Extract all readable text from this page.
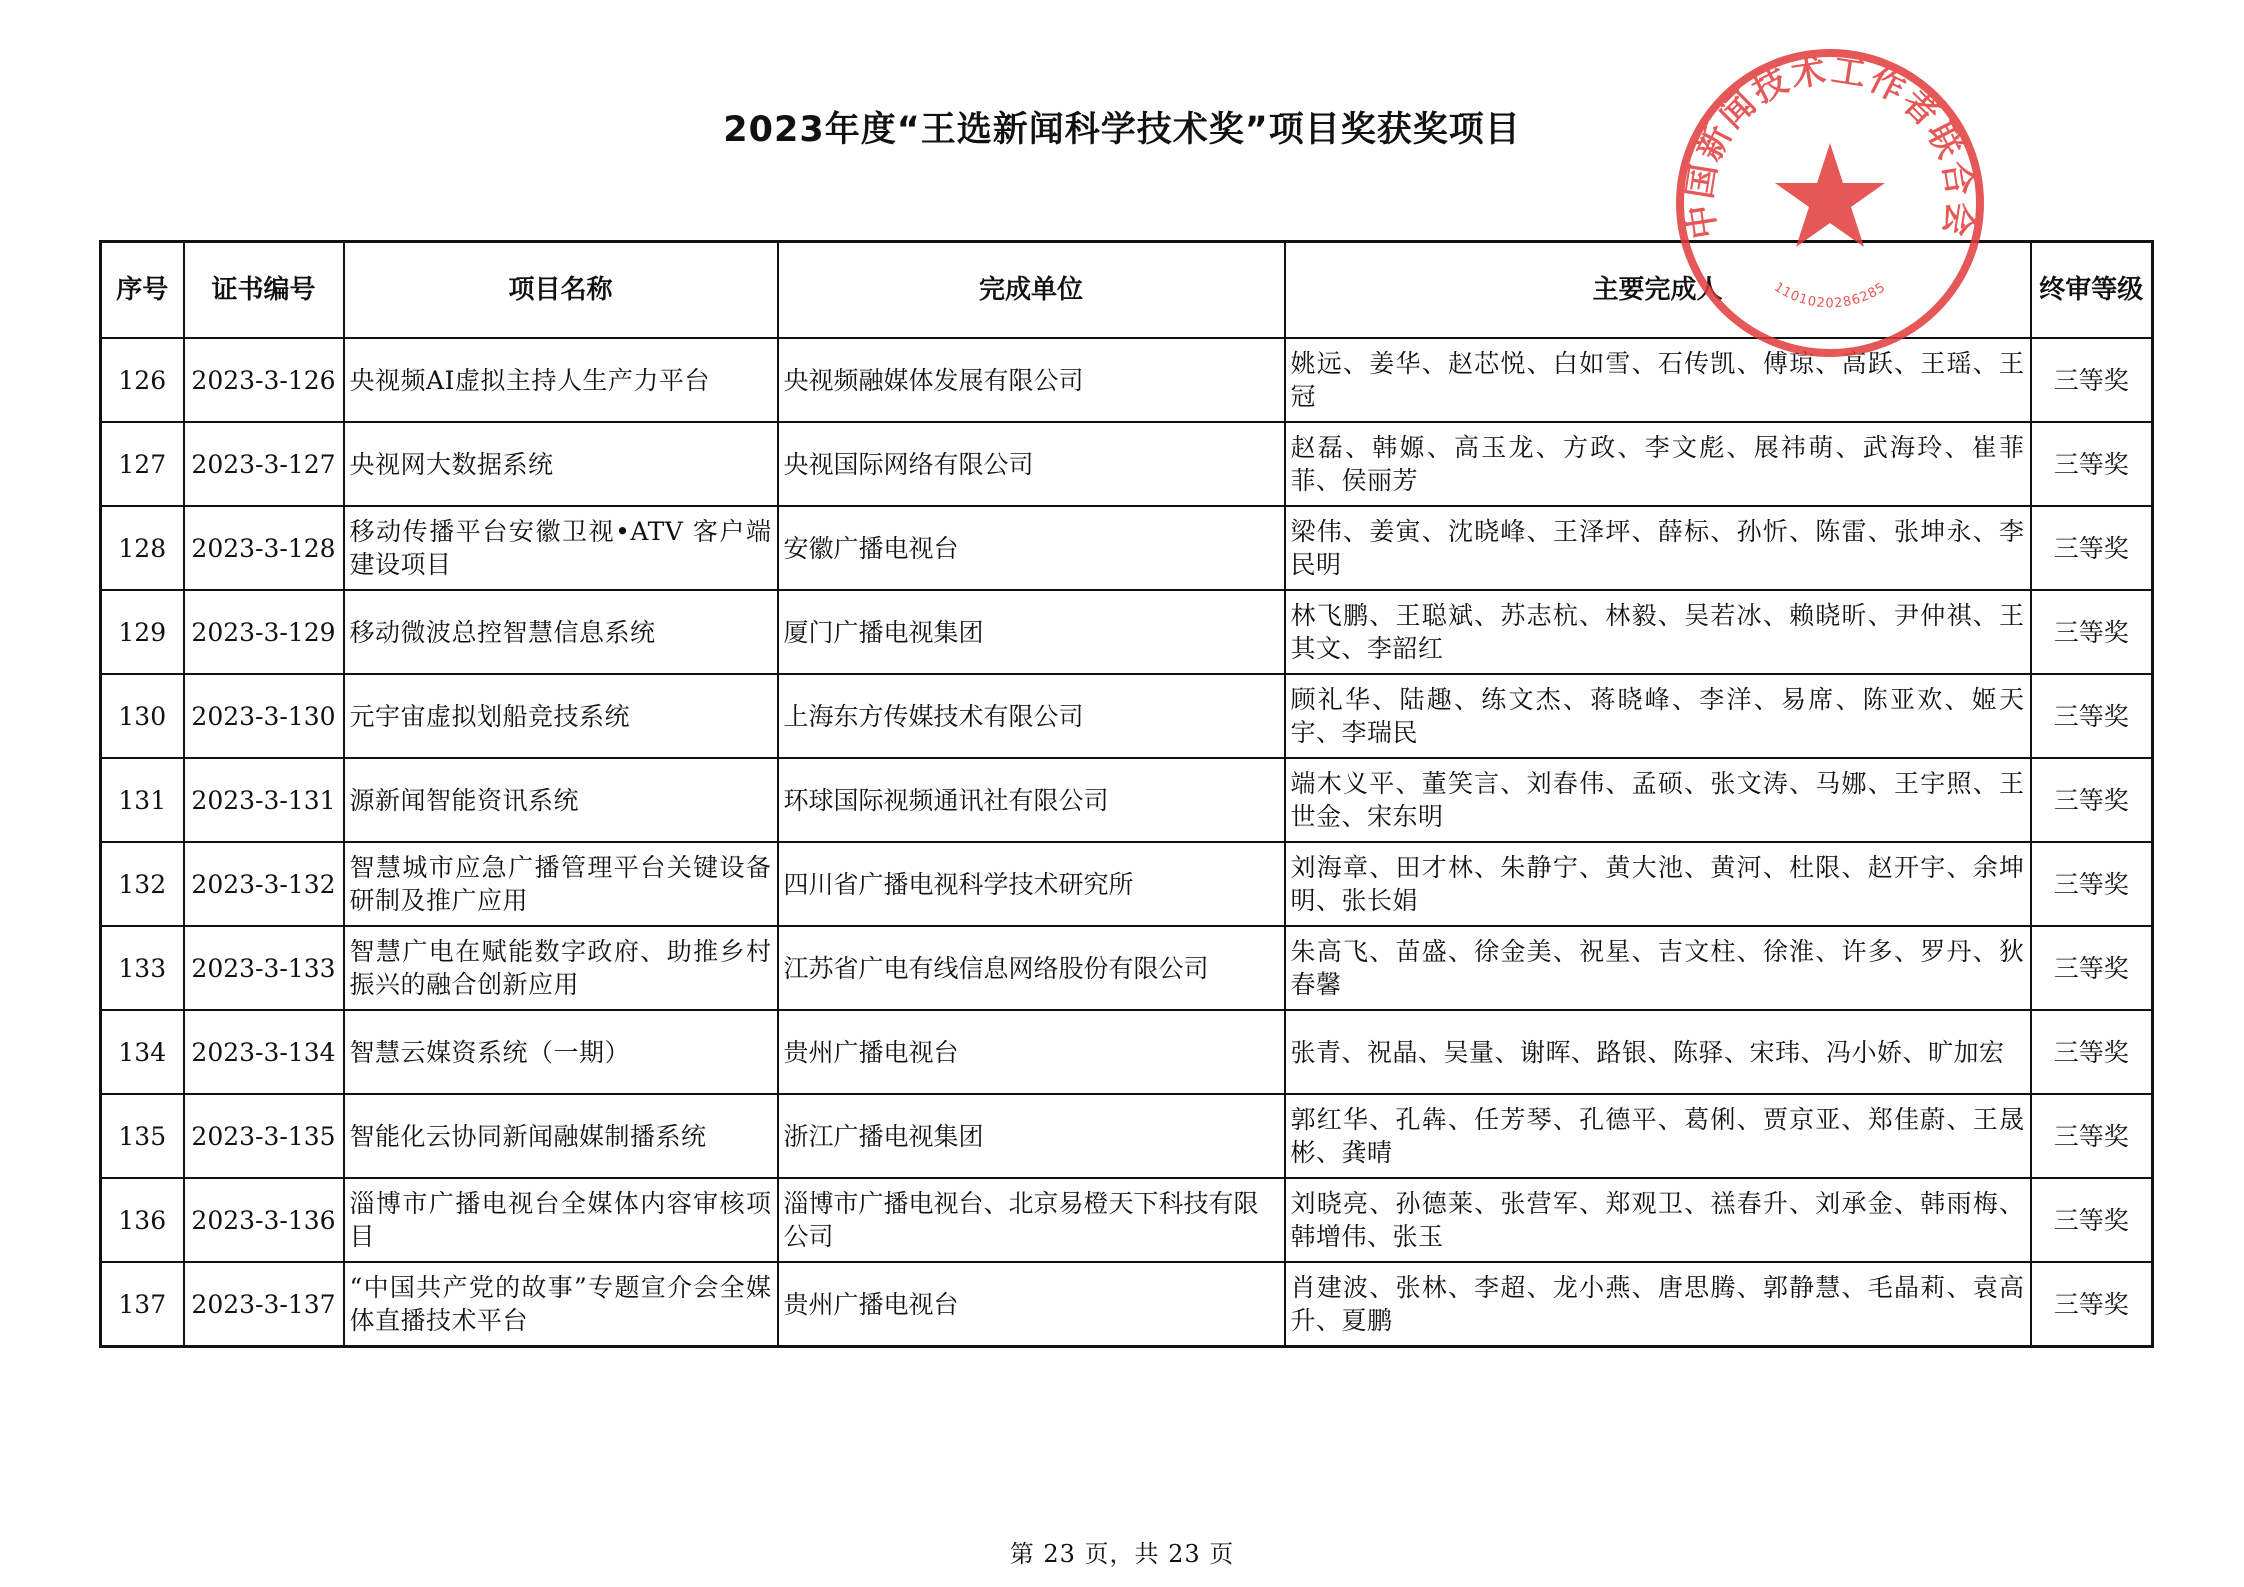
2023年度“王选新闻科学技术奖”项目奖获奖项目
序号	证书编号	项目名称	完成单位	主要完成人	终审等级
126	2023-3-126	央视频AI虚拟主持人生产力平台	央视频融媒体发展有限公司	姚远、姜华、赵芯悦、白如雪、石传凯、傅琼、高跃、王瑶、王冠	三等奖
127	2023-3-127	央视网大数据系统	央视国际网络有限公司	赵磊、韩嫄、高玉龙、方政、李文彪、展祎萌、武海玲、崔菲菲、侯丽芳	三等奖
128	2023-3-128	移动传播平台安徽卫视•ATV 客户端建设项目	安徽广播电视台	梁伟、姜寅、沈晓峰、王泽坪、薛标、孙忻、陈雷、张坤永、李民明	三等奖
129	2023-3-129	移动微波总控智慧信息系统	厦门广播电视集团	林飞鹏、王聪斌、苏志杭、林毅、吴若冰、赖晓昕、尹仲祺、王其文、李韶红	三等奖
130	2023-3-130	元宇宙虚拟划船竞技系统	上海东方传媒技术有限公司	顾礼华、陆趣、练文杰、蒋晓峰、李洋、易席、陈亚欢、姬天宇、李瑞民	三等奖
131	2023-3-131	源新闻智能资讯系统	环球国际视频通讯社有限公司	端木义平、董笑言、刘春伟、孟硕、张文涛、马娜、王宇照、王世金、宋东明	三等奖
132	2023-3-132	智慧城市应急广播管理平台关键设备研制及推广应用	四川省广播电视科学技术研究所	刘海章、田才林、朱静宁、黄大池、黄河、杜限、赵开宇、余坤明、张长娟	三等奖
133	2023-3-133	智慧广电在赋能数字政府、助推乡村振兴的融合创新应用	江苏省广电有线信息网络股份有限公司	朱高飞、苗盛、徐金美、祝星、吉文柱、徐淮、许多、罗丹、狄春馨	三等奖
134	2023-3-134	智慧云媒资系统（一期）	贵州广播电视台	张青、祝晶、吴量、谢晖、路银、陈驿、宋玮、冯小娇、旷加宏	三等奖
135	2023-3-135	智能化云协同新闻融媒制播系统	浙江广播电视集团	郭红华、孔犇、任芳琴、孔德平、葛俐、贾京亚、郑佳蔚、王晟彬、龚晴	三等奖
136	2023-3-136	淄博市广播电视台全媒体内容审核项目	淄博市广播电视台、北京易橙天下科技有限公司	刘晓亮、孙德莱、张营军、郑观卫、禚春升、刘承金、韩雨梅、韩增伟、张玉	三等奖
137	2023-3-137	“中国共产党的故事”专题宣介会全媒体直播技术平台	贵州广播电视台	肖建波、张林、李超、龙小燕、唐思腾、郭静慧、毛晶莉、袁高升、夏鹏	三等奖
中国新闻技术工作者联合会
1101020286285
第 23 页，共 23 页
